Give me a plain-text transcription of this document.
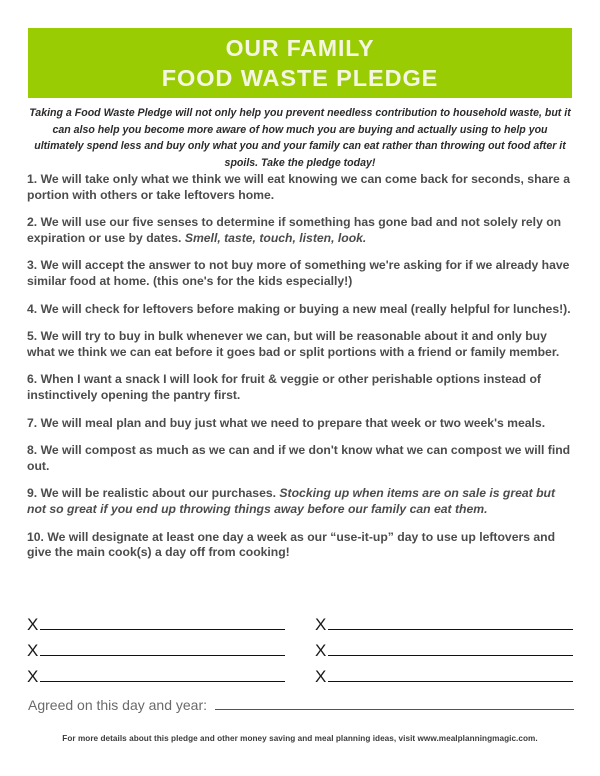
OUR FAMILY
FOOD WASTE PLEDGE
Taking a Food Waste Pledge will not only help you prevent needless contribution to household waste, but it can also help you become more aware of how much you are buying and actually using to help you ultimately spend less and buy only what you and your family can eat rather than throwing out food after it spoils. Take the pledge today!
1. We will take only what we think we will eat knowing we can come back for seconds, share a portion with others or take leftovers home.
2. We will use our five senses to determine if something has gone bad and not solely rely on expiration or use by dates. Smell, taste, touch, listen, look.
3. We will accept the answer to not buy more of something we're asking for if we already have similar food at home. (this one's for the kids especially!)
4. We will check for leftovers before making or buying a new meal (really helpful for lunches!).
5. We will try to buy in bulk whenever we can, but will be reasonable about it and only buy what we think we can eat before it goes bad or split portions with a friend or family member.
6. When I want a snack I will look for fruit & veggie or other perishable options instead of instinctively opening the pantry first.
7. We will meal plan and buy just what we need to prepare that week or two week's meals.
8. We will compost as much as we can and if we don't know what we can compost we will find out.
9. We will be realistic about our purchases. Stocking up when items are on sale is great but not so great if you end up throwing things away before our family can eat them.
10. We will designate at least one day a week as our “use-it-up” day to use up leftovers and give the main cook(s) a day off from cooking!
X
X
X
X
X
X
Agreed on this day and year:
For more details about this pledge and other money saving and meal planning ideas, visit www.mealplanningmagic.com.
